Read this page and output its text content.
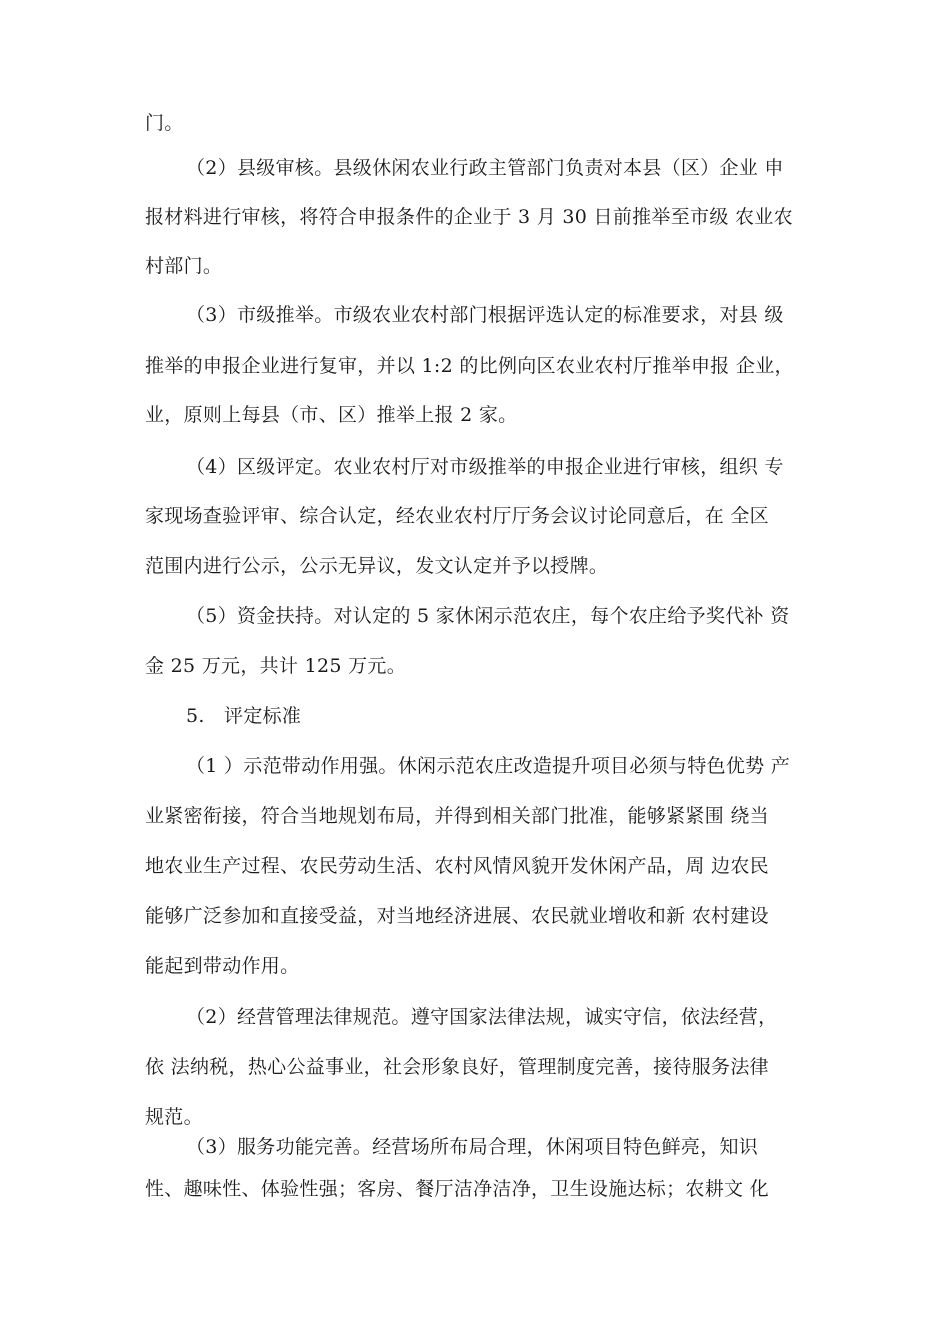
门。
（2）县级审核。县级休闲农业行政主管部门负责对本县（区）企业 申
报材料进行审核，将符合申报条件的企业于 3 月 30 日前推举至市级 农业农
村部门。
（3）市级推举。市级农业农村部门根据评选认定的标准要求，对县 级
推举的申报企业进行复审，并以 1:2 的比例向区农业农村厅推举申报 企业，
业，原则上每县（市、区）推举上报 2 家。
（4）区级评定。农业农村厅对市级推举的申报企业进行审核，组织 专
家现场查验评审、综合认定，经农业农村厅厅务会议讨论同意后，在 全区
范围内进行公示，公示无异议，发文认定并予以授牌。
（5）资金扶持。对认定的 5 家休闲示范农庄，每个农庄给予奖代补 资
金 25 万元，共计 125 万元。
5.　评定标准
（1 ）示范带动作用强。休闲示范农庄改造提升项目必须与特色优势 产
业紧密衔接，符合当地规划布局，并得到相关部门批准，能够紧紧围 绕当
地农业生产过程、农民劳动生活、农村风情风貌开发休闲产品，周 边农民
能够广泛参加和直接受益，对当地经济进展、农民就业增收和新 农村建设
能起到带动作用。
（2）经营管理法律规范。遵守国家法律法规，诚实守信，依法经营，
依 法纳税，热心公益事业，社会形象良好，管理制度完善，接待服务法律
规范。
（3）服务功能完善。经营场所布局合理，休闲项目特色鲜亮，知识
性、趣味性、体验性强；客房、餐厅洁净洁净，卫生设施达标；农耕文 化
